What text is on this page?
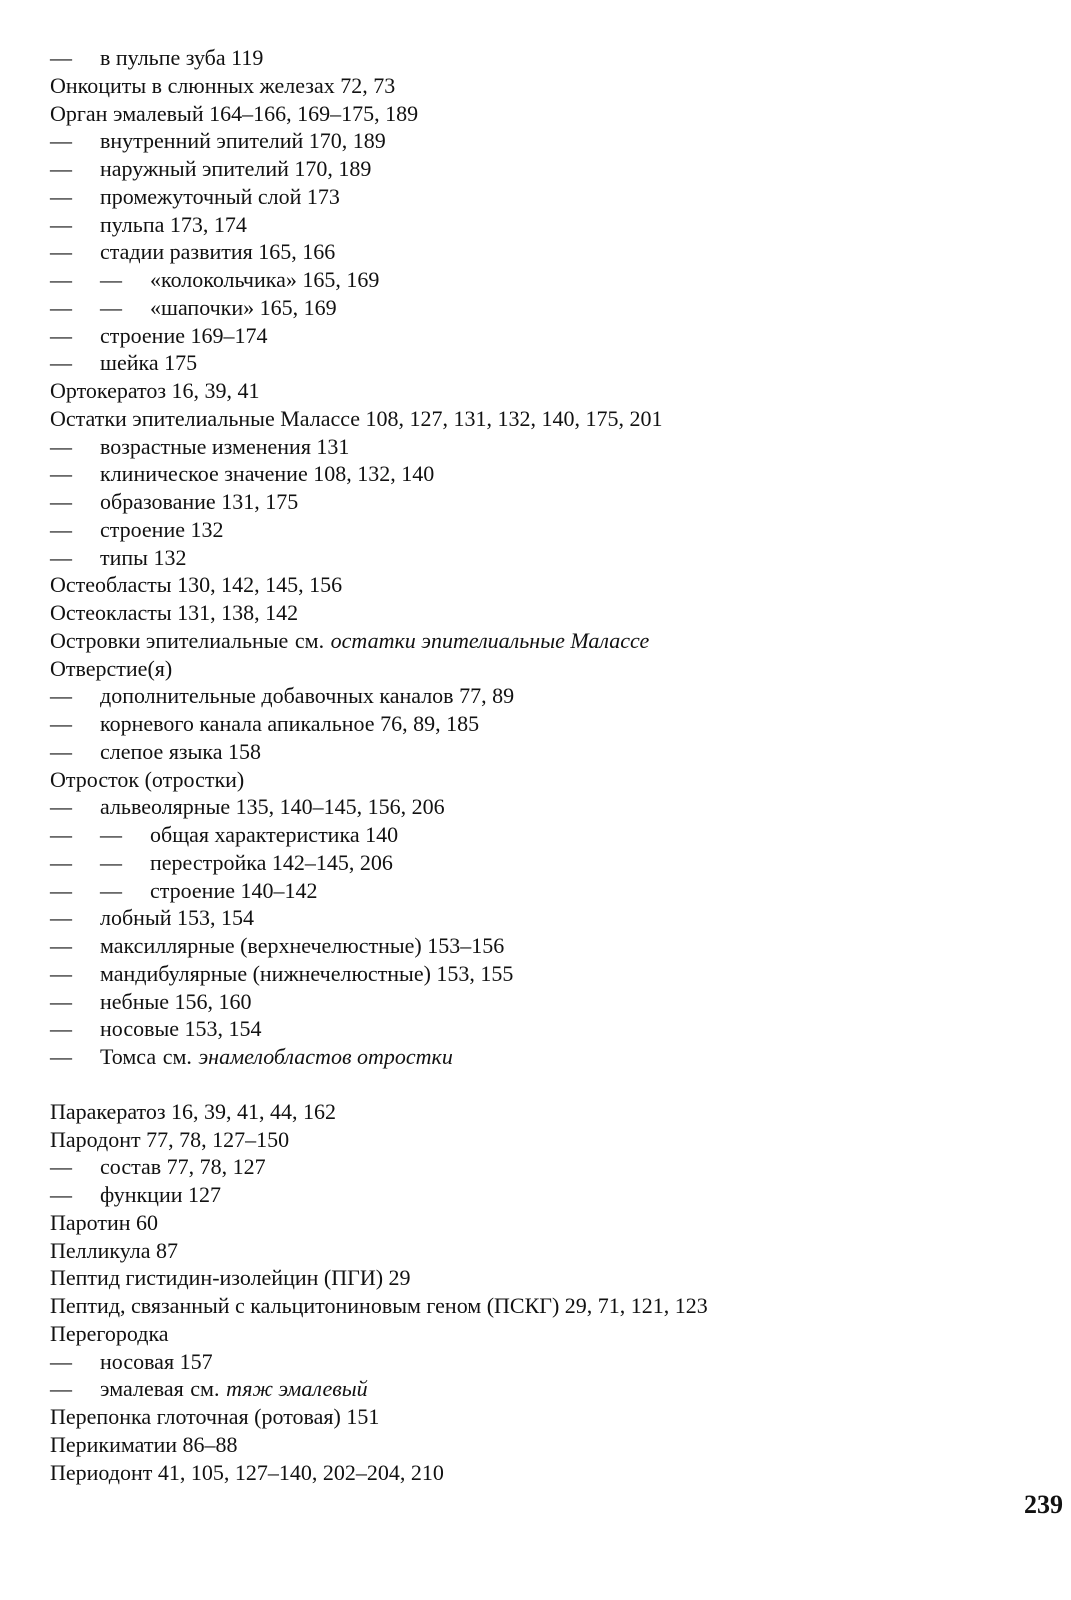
—
в пульпе зуба 119
Онкоциты в слюнных железах 72, 73
Орган эмалевый 164–166, 169–175, 189
—
внутренний эпителий 170, 189
—
наружный эпителий 170, 189
—
промежуточный слой 173
—
пульпа 173, 174
—
стадии развития 165, 166
—
—
«колокольчика» 165, 169
—
—
«шапочки» 165, 169
—
строение 169–174
—
шейка 175
Ортокератоз 16, 39, 41
Остатки эпителиальные Малассе 108, 127, 131, 132, 140, 175, 201
—
возрастные изменения 131
—
клиническое значение 108, 132, 140
—
образование 131, 175
—
строение 132
—
типы 132
Остеобласты 130, 142, 145, 156
Остеокласты 131, 138, 142
Островки эпителиальные см. остатки эпителиальные Малассе
Отверстие(я)
—
дополнительные добавочных каналов 77, 89
—
корневого канала апикальное 76, 89, 185
—
слепое языка 158
Отросток (отростки)
—
альвеолярные 135, 140–145, 156, 206
—
—
общая характеристика 140
—
—
перестройка 142–145, 206
—
—
строение 140–142
—
лобный 153, 154
—
максиллярные (верхнечелюстные) 153–156
—
мандибулярные (нижнечелюстные) 153, 155
—
небные 156, 160
—
носовые 153, 154
—
Томса см. энамелобластов отростки
Паракератоз 16, 39, 41, 44, 162
Пародонт 77, 78, 127–150
—
состав 77, 78, 127
—
функции 127
Паротин 60
Пелликула 87
Пептид гистидин-изолейцин (ПГИ) 29
Пептид, связанный с кальцитониновым геном (ПСКГ) 29, 71, 121, 123
Перегородка
—
носовая 157
—
эмалевая см. тяж эмалевый
Перепонка глоточная (ротовая) 151
Перикиматии 86–88
Периодонт 41, 105, 127–140, 202–204, 210
239
